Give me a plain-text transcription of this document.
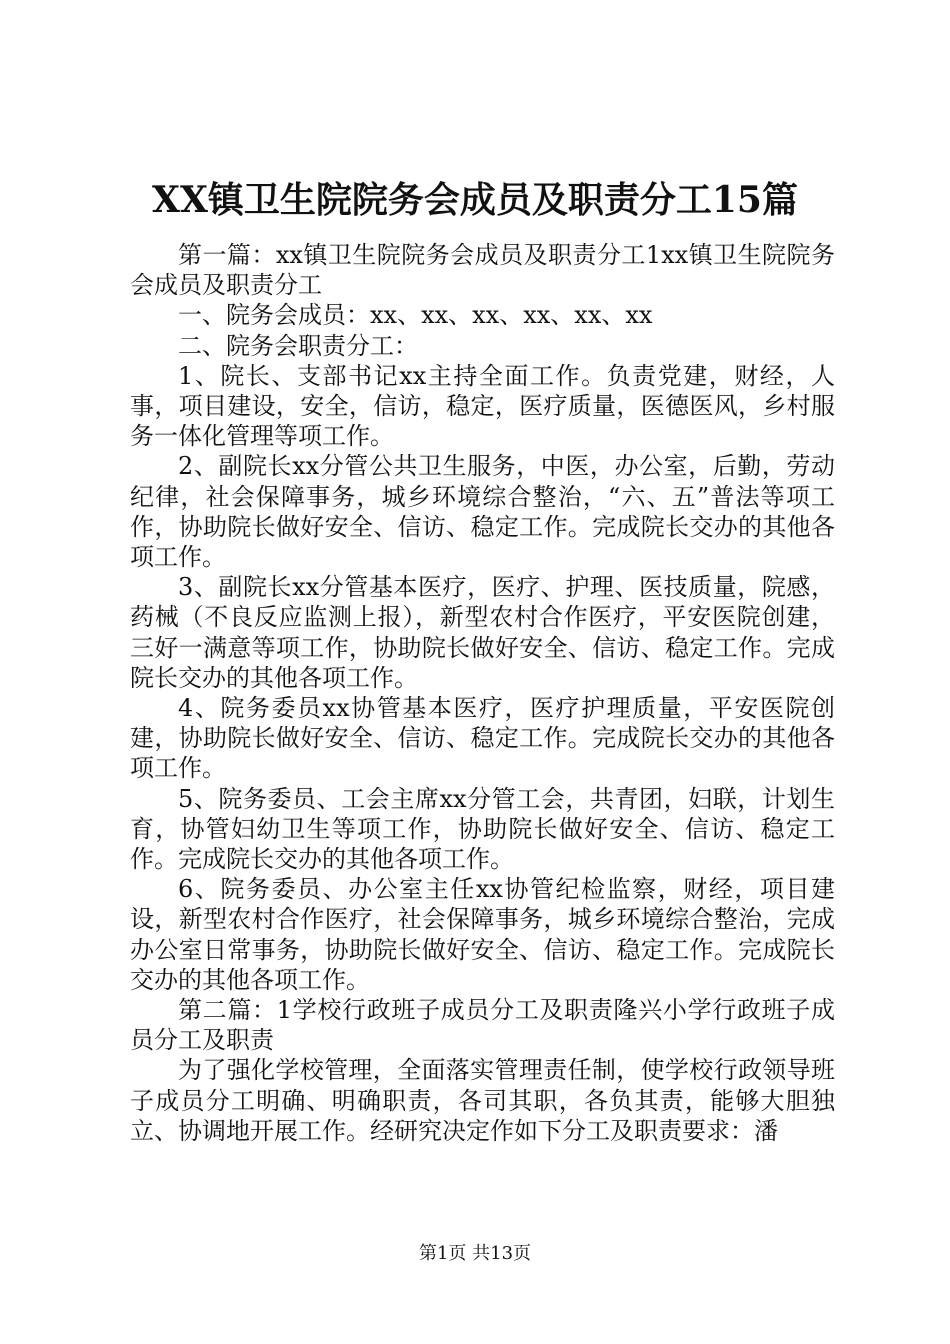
XX镇卫生院院务会成员及职责分工15篇

第一篇：xx镇卫生院院务会成员及职责分工1xx镇卫生院院务会成员及职责分工

一、院务会成员：xx、xx、xx、xx、xx、xx

二、院务会职责分工：

1、院长、支部书记xx主持全面工作。负责党建，财经，人事，项目建设，安全，信访，稳定，医疗质量，医德医风，乡村服务一体化管理等项工作。

2、副院长xx分管公共卫生服务，中医，办公室，后勤，劳动纪律，社会保障事务，城乡环境综合整治，“六、五”普法等项工作，协助院长做好安全、信访、稳定工作。完成院长交办的其他各项工作。

3、副院长xx分管基本医疗，医疗、护理、医技质量，院感，药械（不良反应监测上报），新型农村合作医疗，平安医院创建，三好一满意等项工作，协助院长做好安全、信访、稳定工作。完成院长交办的其他各项工作。

4、院务委员xx协管基本医疗，医疗护理质量，平安医院创建，协助院长做好安全、信访、稳定工作。完成院长交办的其他各项工作。

5、院务委员、工会主席xx分管工会，共青团，妇联，计划生育，协管妇幼卫生等项工作，协助院长做好安全、信访、稳定工作。完成院长交办的其他各项工作。

6、院务委员、办公室主任xx协管纪检监察，财经，项目建设，新型农村合作医疗，社会保障事务，城乡环境综合整治，完成办公室日常事务，协助院长做好安全、信访、稳定工作。完成院长交办的其他各项工作。

第二篇：1学校行政班子成员分工及职责隆兴小学行政班子成员分工及职责

为了强化学校管理，全面落实管理责任制，使学校行政领导班子成员分工明确、明确职责，各司其职，各负其责，能够大胆独立、协调地开展工作。经研究决定作如下分工及职责要求：潘

第1页 共13页
